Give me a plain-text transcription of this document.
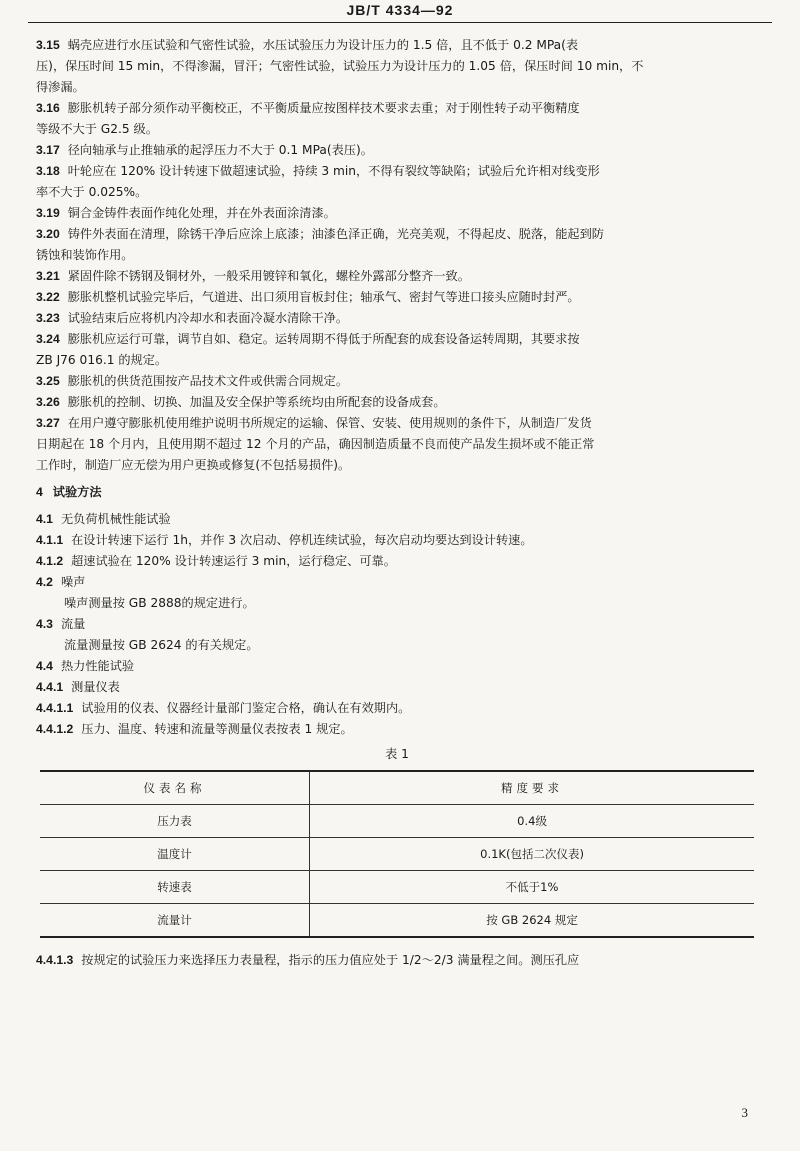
JB/T 4334—92

3.15 蜗壳应进行水压试验和气密性试验，水压试验压力为设计压力的 1.5 倍，且不低于 0.2 MPa(表

压)，保压时间 15 min，不得渗漏，冒汗；气密性试验，试验压力为设计压力的 1.05 倍，保压时间 10 min，不

得渗漏。

3.16 膨胀机转子部分须作动平衡校正，不平衡质量应按图样技术要求去重；对于刚性转子动平衡精度

等级不大于 G2.5 级。

3.17 径向轴承与止推轴承的起浮压力不大于 0.1 MPa(表压)。

3.18 叶轮应在 120% 设计转速下做超速试验，持续 3 min，不得有裂纹等缺陷；试验后允许相对线变形

率不大于 0.025%。

3.19 铜合金铸件表面作纯化处理，并在外表面涂清漆。

3.20 铸件外表面在清理，除锈干净后应涂上底漆；油漆色泽正确，光亮美观，不得起皮、脱落，能起到防

锈蚀和装饰作用。

3.21 紧固件除不锈钢及铜材外，一般采用镀锌和氧化，螺栓外露部分整齐一致。

3.22 膨胀机整机试验完毕后，气道进、出口须用盲板封住；轴承气、密封气等进口接头应随时封严。

3.23 试验结束后应将机内冷却水和表面冷凝水清除干净。

3.24 膨胀机应运行可靠，调节自如、稳定。运转周期不得低于所配套的成套设备运转周期，其要求按

ZB J76 016.1 的规定。

3.25 膨胀机的供货范围按产品技术文件或供需合同规定。

3.26 膨胀机的控制、切换、加温及安全保护等系统均由所配套的设备成套。

3.27 在用户遵守膨胀机使用维护说明书所规定的运输、保管、安装、使用规则的条件下，从制造厂发货

日期起在 18 个月内，且使用期不超过 12 个月的产品，确因制造质量不良而使产品发生损坏或不能正常

工作时，制造厂应无偿为用户更换或修复(不包括易损件)。

4 试验方法

4.1 无负荷机械性能试验

4.1.1 在设计转速下运行 1h，并作 3 次启动、停机连续试验，每次启动均要达到设计转速。

4.1.2 超速试验在 120% 设计转速运行 3 min，运行稳定、可靠。

4.2 噪声

噪声测量按 GB 2888的规定进行。

4.3 流量

流量测量按 GB 2624 的有关规定。

4.4 热力性能试验

4.4.1 测量仪表

4.4.1.1 试验用的仪表、仪器经计量部门鉴定合格，确认在有效期内。

4.4.1.2 压力、温度、转速和流量等测量仪表按表 1 规定。

表 1
仪表名称	精度要求
压力表	0.4级
温度计	0.1K(包括二次仪表)
转速表	不低于1%
流量计	按 GB 2624 规定

4.4.1.3 按规定的试验压力来选择压力表量程，指示的压力值应处于 1/2～2/3 满量程之间。测压孔应

3
